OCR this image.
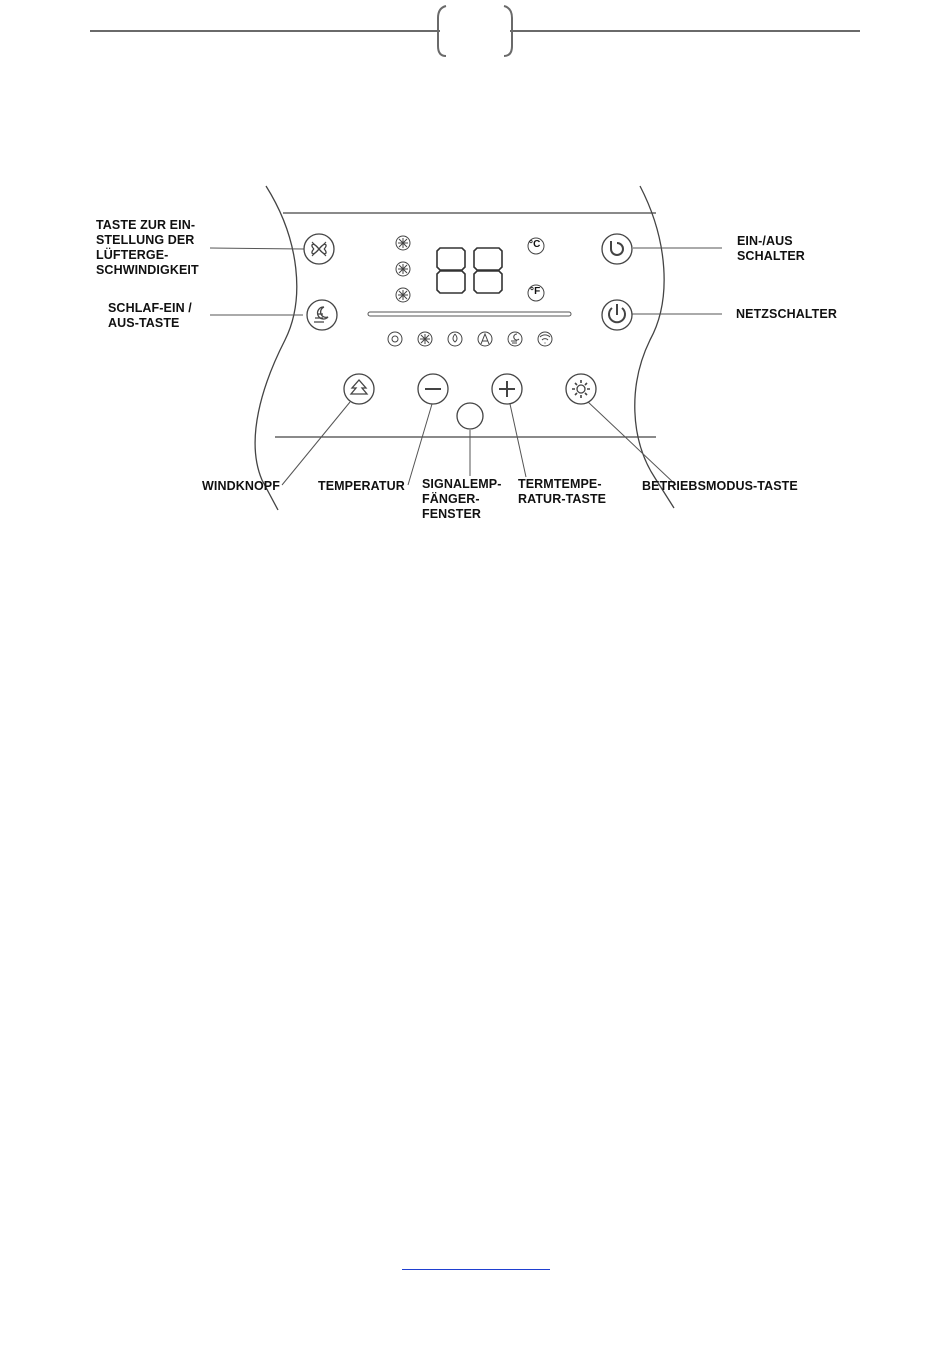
°C
°F
TASTE ZUR EIN-
STELLUNG DER
LÜFTERGE-
SCHWINDIGKEIT
SCHLAF-EIN /
AUS-TASTE
EIN-/AUS
SCHALTER
NETZSCHALTER
WINDKNOPF	TEMPERATUR SIGNALEMP-
FÄNGER-
FENSTER
TERMTEMPE-
RATUR-TASTE
BETRIEBSMODUS-TASTE
